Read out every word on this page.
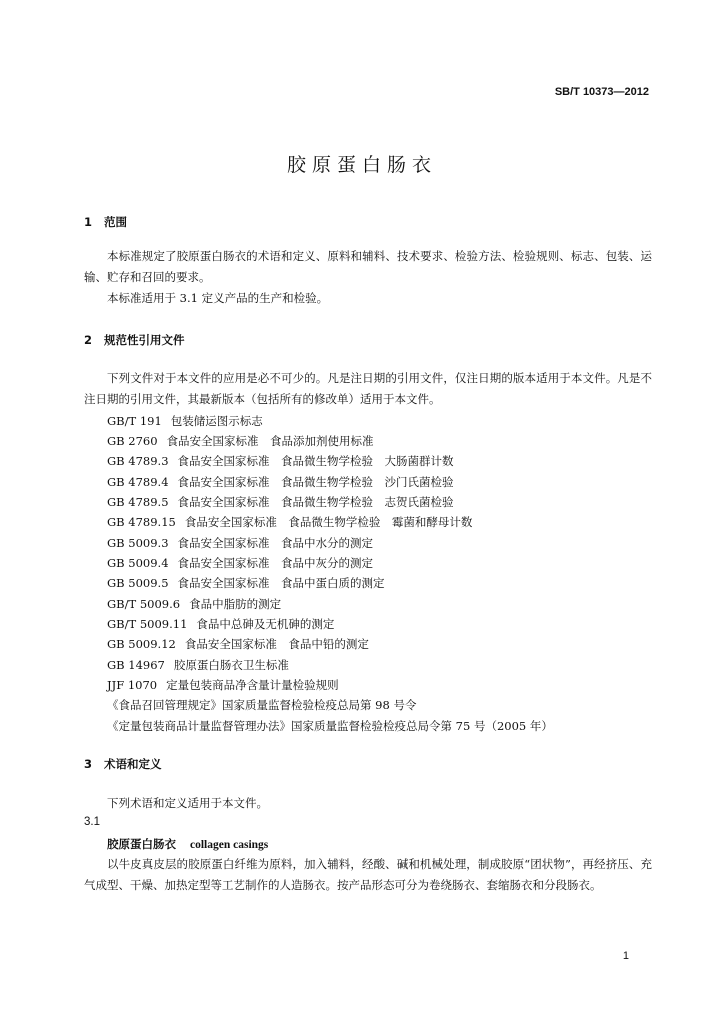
SB/T 10373—2012
胶原蛋白肠衣
1 范围
本标准规定了胶原蛋白肠衣的术语和定义、原料和辅料、技术要求、检验方法、检验规则、标志、包装、运输、贮存和召回的要求。
本标准适用于 3.1 定义产品的生产和检验。
2 规范性引用文件
下列文件对于本文件的应用是必不可少的。凡是注日期的引用文件，仅注日期的版本适用于本文件。凡是不注日期的引用文件，其最新版本（包括所有的修改单）适用于本文件。
GB/T 191 包装储运图示标志
GB 2760 食品安全国家标准　食品添加剂使用标准
GB 4789.3 食品安全国家标准　食品微生物学检验　大肠菌群计数
GB 4789.4 食品安全国家标准　食品微生物学检验　沙门氏菌检验
GB 4789.5 食品安全国家标准　食品微生物学检验　志贺氏菌检验
GB 4789.15 食品安全国家标准　食品微生物学检验　霉菌和酵母计数
GB 5009.3 食品安全国家标准　食品中水分的测定
GB 5009.4 食品安全国家标准　食品中灰分的测定
GB 5009.5 食品安全国家标准　食品中蛋白质的测定
GB/T 5009.6 食品中脂肪的测定
GB/T 5009.11 食品中总砷及无机砷的测定
GB 5009.12 食品安全国家标准　食品中铅的测定
GB 14967 胶原蛋白肠衣卫生标准
JJF 1070 定量包装商品净含量计量检验规则
《食品召回管理规定》国家质量监督检验检疫总局第 98 号令
《定量包装商品计量监督管理办法》国家质量监督检验检疫总局令第 75 号（2005 年）
3 术语和定义
下列术语和定义适用于本文件。
3.1
胶原蛋白肠衣 collagen casings
以牛皮真皮层的胶原蛋白纤维为原料，加入辅料，经酸、碱和机械处理，制成胶原“团状物”，再经挤压、充气成型、干燥、加热定型等工艺制作的人造肠衣。按产品形态可分为卷绕肠衣、套缩肠衣和分段肠衣。
1
